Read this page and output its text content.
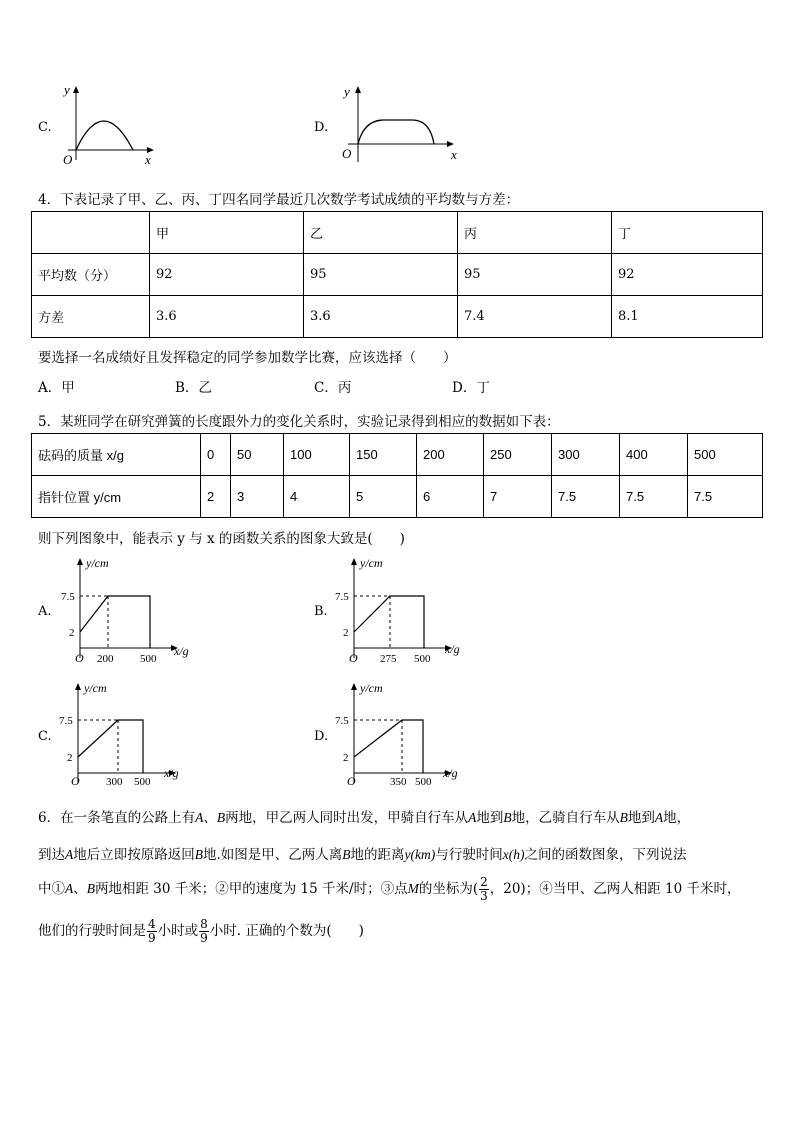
C.
y
x
O
D.
y
x
O
4．下表记录了甲、乙、丙、丁四名同学最近几次数学考试成绩的平均数与方差：
	甲	乙	丙	丁
平均数（分）	92	95	95	92
方差	3.6	3.6	7.4	8.1
要选择一名成绩好且发挥稳定的同学参加数学比赛，应该选择（　　）
A．甲	B．乙	C．丙	D．丁
5．某班同学在研究弹簧的长度跟外力的变化关系时，实验记录得到相应的数据如下表：
砝码的质量 x/g	0	50	100	150	200	250	300	400	500
指针位置 y/cm	2	3	4	5	6	7	7.5	7.5	7.5
则下列图象中，能表示 y 与 x 的函数关系的图象大致是(　　)
A.
y/cm
x/g
O
7.5
2
200 500
B.
y/cm
x/g
O
7.5
2
275 500
C.
y/cm
x/g
O
7.5
2
300 500
D.
y/cm
x/g
O
7.5
2
350 500
6．在一条笔直的公路上有A、B两地，甲乙两人同时出发，甲骑自行车从A地到B地，乙骑自行车从B地到A地，
到达A地后立即按原路返回B地.如图是甲、乙两人离B地的距离y(km)与行驶时间x(h)之间的函数图象，下列说法
中①A、B两地相距 30 千米；②甲的速度为 15 千米/时；③点M的坐标为( $\frac{2}{3}$ ，20)；④当甲、乙两人相距 10 千米时，
他们的行驶时间是 $\frac{4}{9}$ 小时或 $\frac{8}{9}$ 小时. 正确的个数为(　　)
